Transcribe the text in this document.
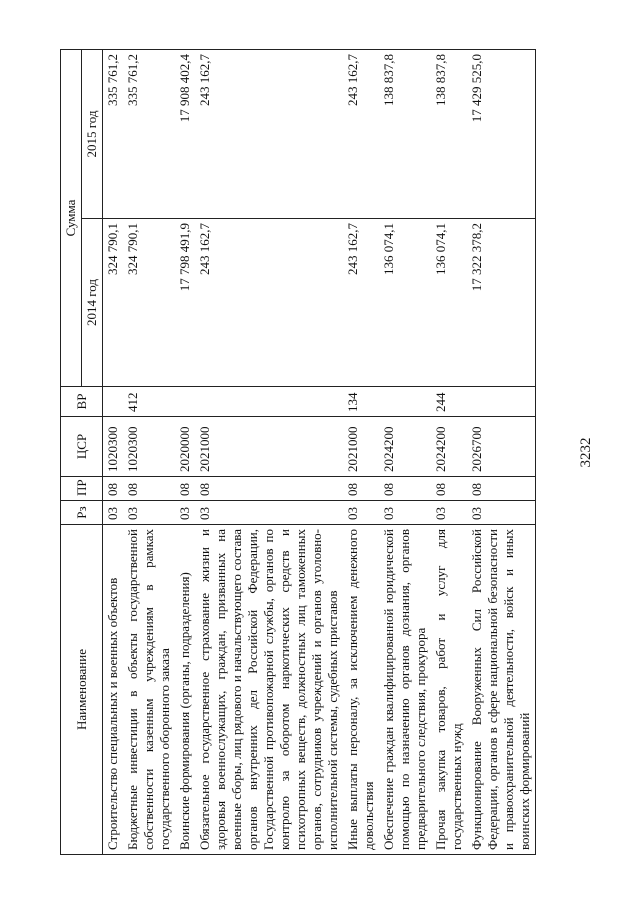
3232
Наименование	Рз	ПР	ЦСР	ВР	Сумма	
					2014 год	2015 год
Строительство специальных и военных объектов	03	08	1020300		324 790,1	335 761,2
Бюджетные инвестиции в объекты государственной собственности казенным учреждениям в рамках государственного оборонного заказа	03	08	1020300	412	324 790,1	335 761,2
Воинские формирования (органы, подразделения)	03	08	2020000		17 798 491,9	17 908 402,4
Обязательное государственное страхование жизни и здоровья военнослужащих, граждан, призванных на военные сборы, лиц рядового и начальствующего состава органов внутренних дел Российской Федерации, Государственной противопожарной службы, органов по контролю за оборотом наркотических средств и психотропных веществ, должностных лиц таможенных органов, сотрудников учреждений и органов уголовно-исполнительной системы, судебных приставов	03	08	2021000		243 162,7	243 162,7
Иные выплаты персоналу, за исключением денежного довольствия	03	08	2021000	134	243 162,7	243 162,7
Обеспечение граждан квалифицированной юридической помощью по назначению органов дознания, органов предварительного следствия, прокурора	03	08	2024200		136 074,1	138 837,8
Прочая закупка товаров, работ и услуг для государственных нужд	03	08	2024200	244	136 074,1	138 837,8
Функционирование Вооруженных Сил Российской Федерации, органов в сфере национальной безопасности и правоохранительной деятельности, войск и иных воинских формирований	03	08	2026700		17 322 378,2	17 429 525,0
